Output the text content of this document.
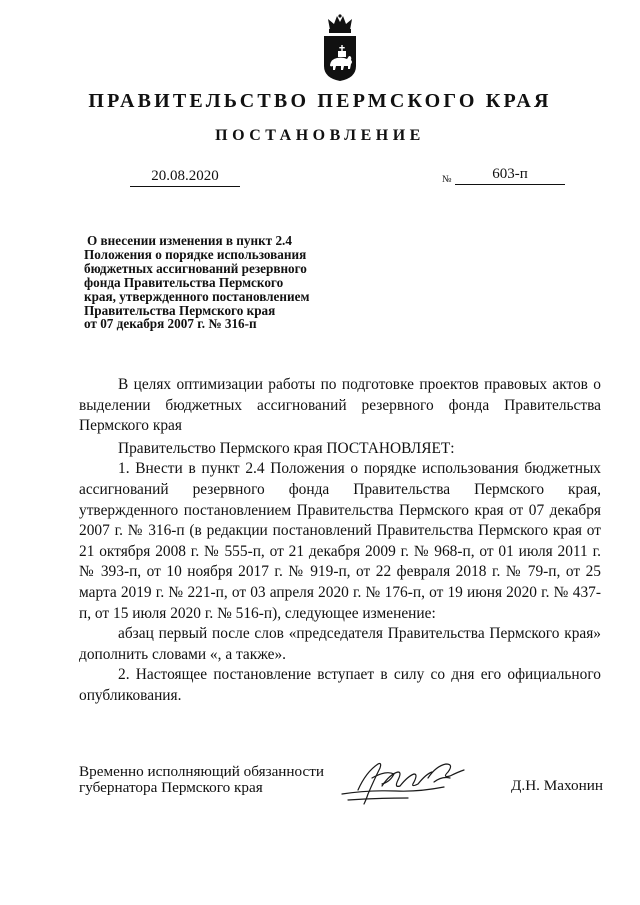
ПРАВИТЕЛЬСТВО ПЕРМСКОГО КРАЯ
ПОСТАНОВЛЕНИЕ
20.08.2020	№	603-п
О внесении изменения в пункт 2.4
Положения о порядке использования
бюджетных ассигнований резервного
фонда Правительства Пермского
края, утвержденного постановлением
Правительства Пермского края
от 07 декабря 2007 г. № 316-п

В целях оптимизации работы по подготовке проектов правовых актов о выделении бюджетных ассигнований резервного фонда Правительства Пермского края

Правительство Пермского края ПОСТАНОВЛЯЕТ:

1. Внести в пункт 2.4 Положения о порядке использования бюджетных ассигнований резервного фонда Правительства Пермского края, утвержденного постановлением Правительства Пермского края от 07 декабря 2007 г. № 316-п (в редакции постановлений Правительства Пермского края от 21 октября 2008 г. № 555-п, от 21 декабря 2009 г. № 968-п, от 01 июля 2011 г. № 393-п, от 10 ноября 2017 г. № 919-п, от 22 февраля 2018 г. № 79-п, от 25 марта 2019 г. № 221-п, от 03 апреля 2020 г. № 176-п, от 19 июня 2020 г. № 437-п, от 15 июля 2020 г. № 516-п), следующее изменение:

абзац первый после слов «председателя Правительства Пермского края» дополнить словами «, а также».

2. Настоящее постановление вступает в силу со дня его официального опубликования.

Временно исполняющий обязанности
губернатора Пермского края	Д.Н. Махонин
